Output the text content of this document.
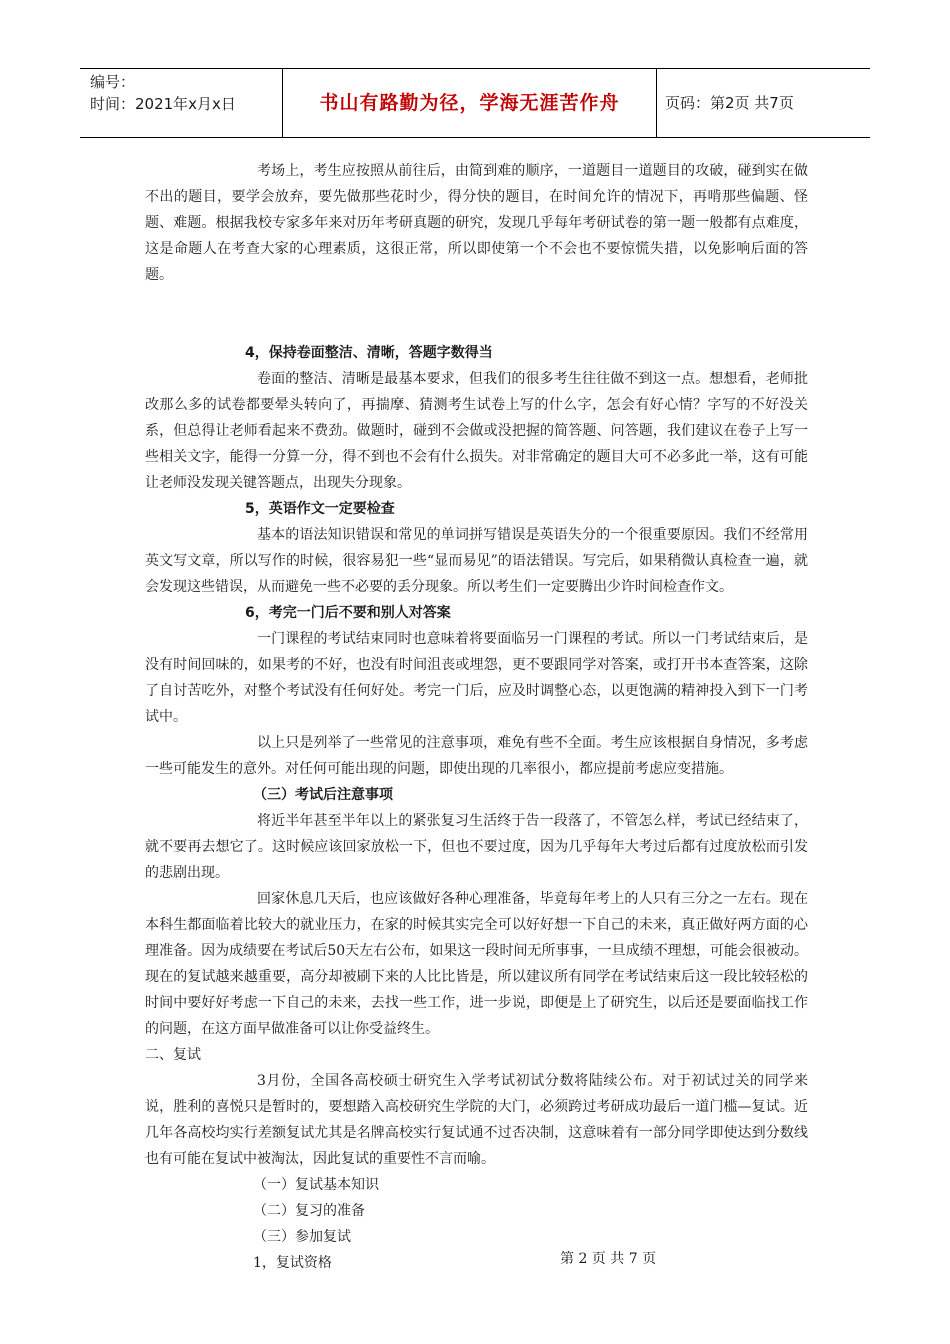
编号：
时间：2021年x月x日	书山有路勤为径，学海无涯苦作舟	页码：第2页 共7页

考场上，考生应按照从前往后，由简到难的顺序，一道题目一道题目的攻破，碰到实在做不出的题目，要学会放弃，要先做那些花时少，得分快的题目，在时间允许的情况下，再啃那些偏题、怪题、难题。根据我校专家多年来对历年考研真题的研究，发现几乎每年考研试卷的第一题一般都有点难度，这是命题人在考查大家的心理素质，这很正常，所以即使第一个不会也不要惊慌失措，以免影响后面的答题。

4，保持卷面整洁、清晰，答题字数得当

卷面的整洁、清晰是最基本要求，但我们的很多考生往往做不到这一点。想想看，老师批改那么多的试卷都要晕头转向了，再揣摩、猜测考生试卷上写的什么字，怎会有好心情？字写的不好没关系，但总得让老师看起来不费劲。做题时，碰到不会做或没把握的简答题、问答题，我们建议在卷子上写一些相关文字，能得一分算一分，得不到也不会有什么损失。对非常确定的题目大可不必多此一举，这有可能让老师没发现关键答题点，出现失分现象。

5，英语作文一定要检查

基本的语法知识错误和常见的单词拼写错误是英语失分的一个很重要原因。我们不经常用英文写文章，所以写作的时候，很容易犯一些“显而易见”的语法错误。写完后，如果稍微认真检查一遍，就会发现这些错误，从而避免一些不必要的丢分现象。所以考生们一定要腾出少许时间检查作文。

6，考完一门后不要和别人对答案

一门课程的考试结束同时也意味着将要面临另一门课程的考试。所以一门考试结束后，是没有时间回味的，如果考的不好，也没有时间沮丧或埋怨，更不要跟同学对答案，或打开书本查答案，这除了自讨苦吃外，对整个考试没有任何好处。考完一门后，应及时调整心态，以更饱满的精神投入到下一门考试中。

以上只是列举了一些常见的注意事项，难免有些不全面。考生应该根据自身情况，多考虑一些可能发生的意外。对任何可能出现的问题，即使出现的几率很小，都应提前考虑应变措施。

（三）考试后注意事项

将近半年甚至半年以上的紧张复习生活终于告一段落了，不管怎么样，考试已经结束了，就不要再去想它了。这时候应该回家放松一下，但也不要过度，因为几乎每年大考过后都有过度放松而引发的悲剧出现。

回家休息几天后，也应该做好各种心理准备，毕竟每年考上的人只有三分之一左右。现在本科生都面临着比较大的就业压力，在家的时候其实完全可以好好想一下自己的未来，真正做好两方面的心理准备。因为成绩要在考试后50天左右公布，如果这一段时间无所事事，一旦成绩不理想，可能会很被动。现在的复试越来越重要，高分却被刷下来的人比比皆是，所以建议所有同学在考试结束后这一段比较轻松的时间中要好好考虑一下自己的未来，去找一些工作，进一步说，即便是上了研究生，以后还是要面临找工作的问题，在这方面早做准备可以让你受益终生。

二、复试

3月份，全国各高校硕士研究生入学考试初试分数将陆续公布。对于初试过关的同学来说，胜利的喜悦只是暂时的，要想踏入高校研究生学院的大门，必须跨过考研成功最后一道门槛—复试。近几年各高校均实行差额复试尤其是名牌高校实行复试通不过否决制，这意味着有一部分同学即使达到分数线也有可能在复试中被淘汰，因此复试的重要性不言而喻。

（一）复试基本知识

（二）复习的准备

（三）参加复试

1，复试资格	第 2 页 共 7 页
